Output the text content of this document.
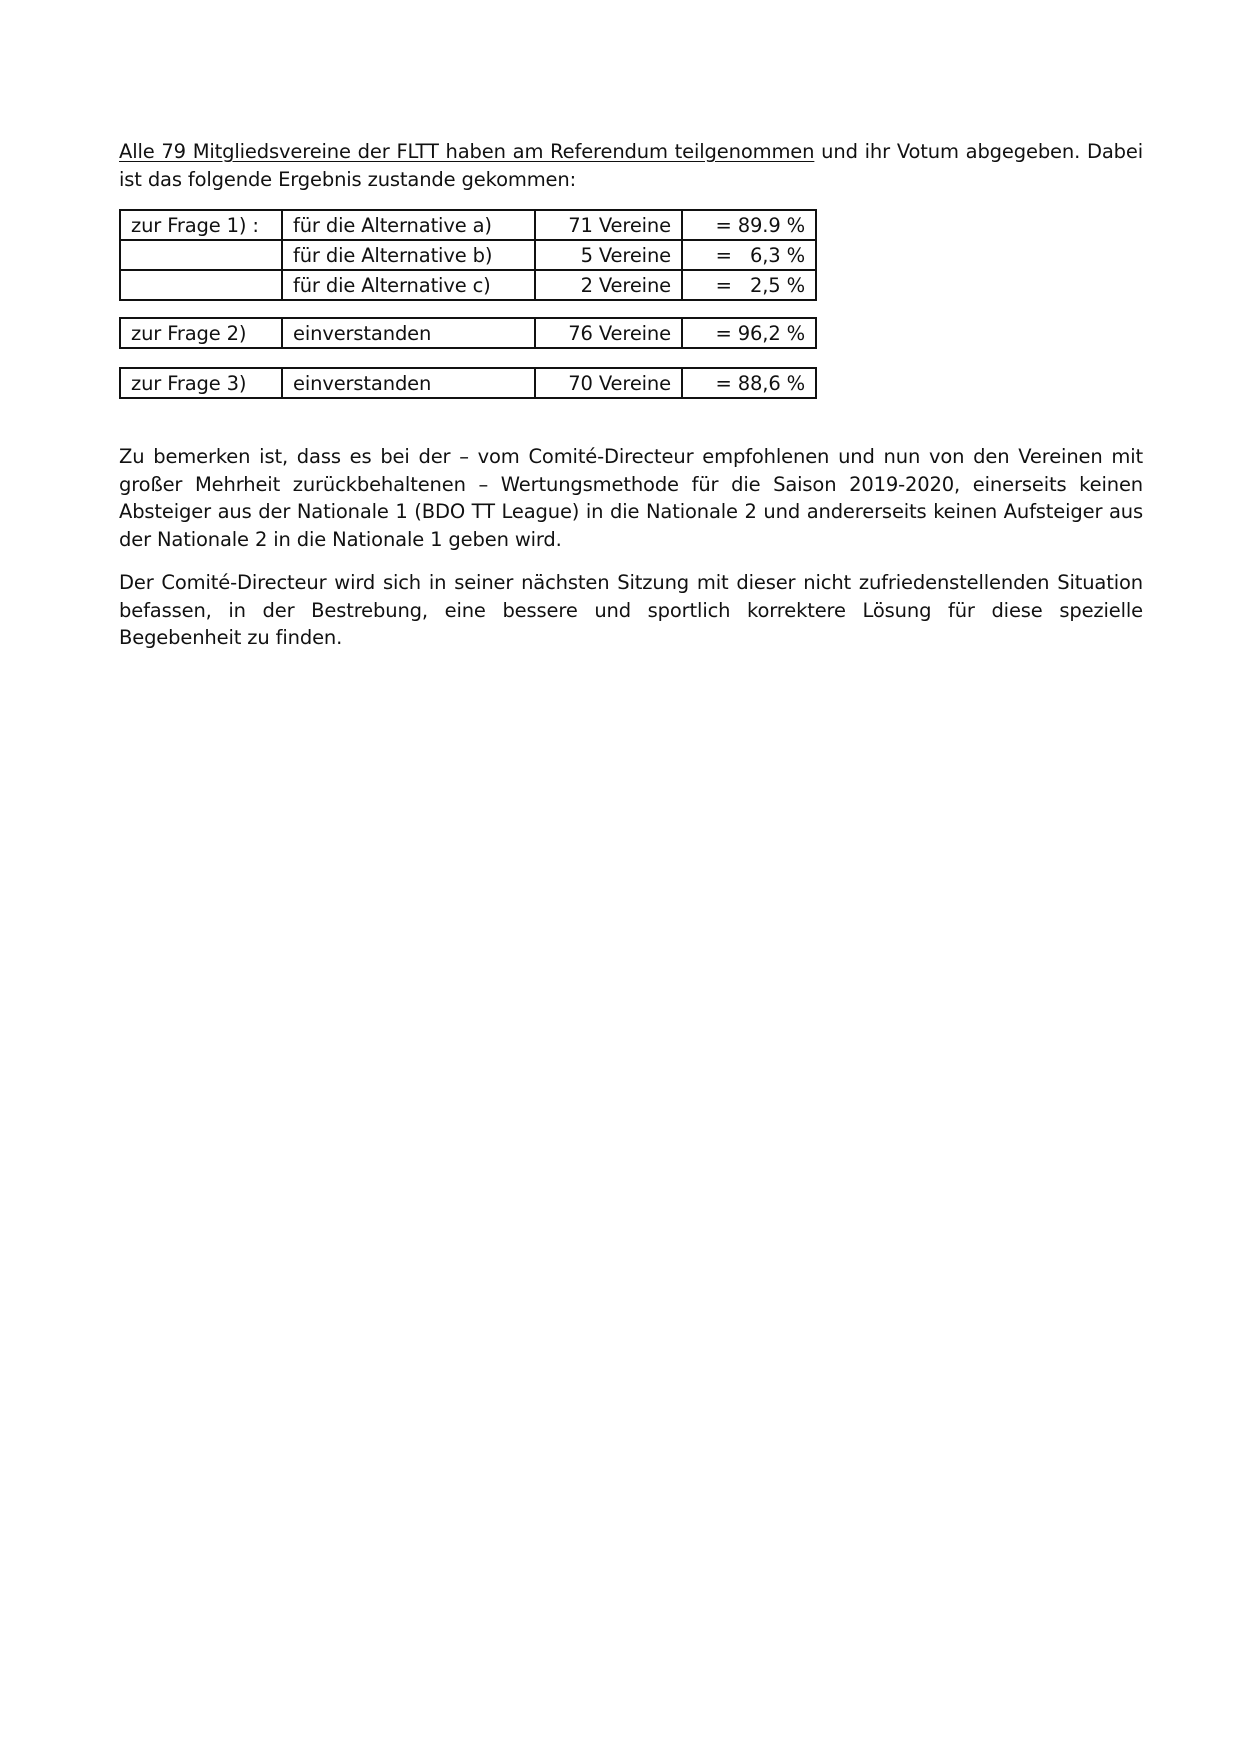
Alle 79 Mitgliedsvereine der FLTT haben am Referendum teilgenommen und ihr Votum abgegeben. Dabei ist das folgende Ergebnis zustande gekommen:

zur Frage 1) :	für die Alternative a)	71 Vereine	= 89.9 %
	für die Alternative b)	5 Vereine	=   6,3 %
	für die Alternative c)	2 Vereine	=   2,5 %
zur Frage 2)	einverstanden	76 Vereine	= 96,2 %
zur Frage 3)	einverstanden	70 Vereine	= 88,6 %

Zu bemerken ist, dass es bei der – vom Comité-Directeur empfohlenen und nun von den Vereinen mit großer Mehrheit zurückbehaltenen – Wertungsmethode für die Saison 2019-2020, einerseits keinen Absteiger aus der Nationale 1 (BDO TT League) in die Nationale 2 und andererseits keinen Aufsteiger aus der Nationale 2 in die Nationale 1 geben wird.

Der Comité-Directeur wird sich in seiner nächsten Sitzung mit dieser nicht zufriedenstellenden Situation befassen, in der Bestrebung, eine bessere und sportlich korrektere Lösung für diese spezielle Begebenheit zu finden.
